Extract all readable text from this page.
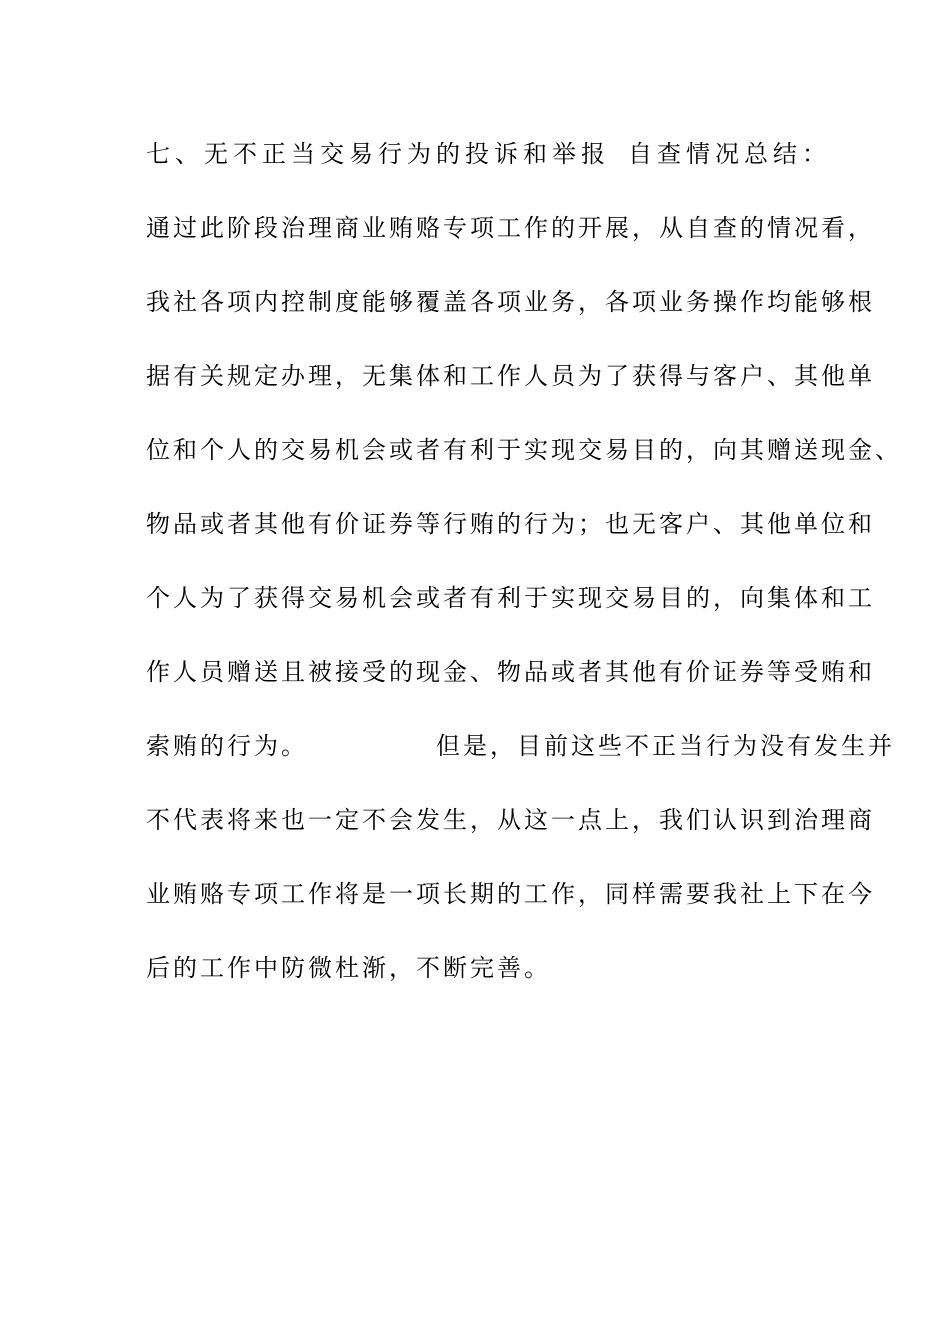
七、无不正当交易行为的投诉和举报 自查情况总结：
通过此阶段治理商业贿赂专项工作的开展，从自查的情况看，
我社各项内控制度能够覆盖各项业务，各项业务操作均能够根
据有关规定办理，无集体和工作人员为了获得与客户、其他单
位和个人的交易机会或者有利于实现交易目的，向其赠送现金、
物品或者其他有价证券等行贿的行为；也无客户、其他单位和
个人为了获得交易机会或者有利于实现交易目的，向集体和工
作人员赠送且被接受的现金、物品或者其他有价证券等受贿和
索贿的行为。	但是，目前这些不正当行为没有发生并
不代表将来也一定不会发生，从这一点上，我们认识到治理商
业贿赂专项工作将是一项长期的工作，同样需要我社上下在今
后的工作中防微杜渐，不断完善。
